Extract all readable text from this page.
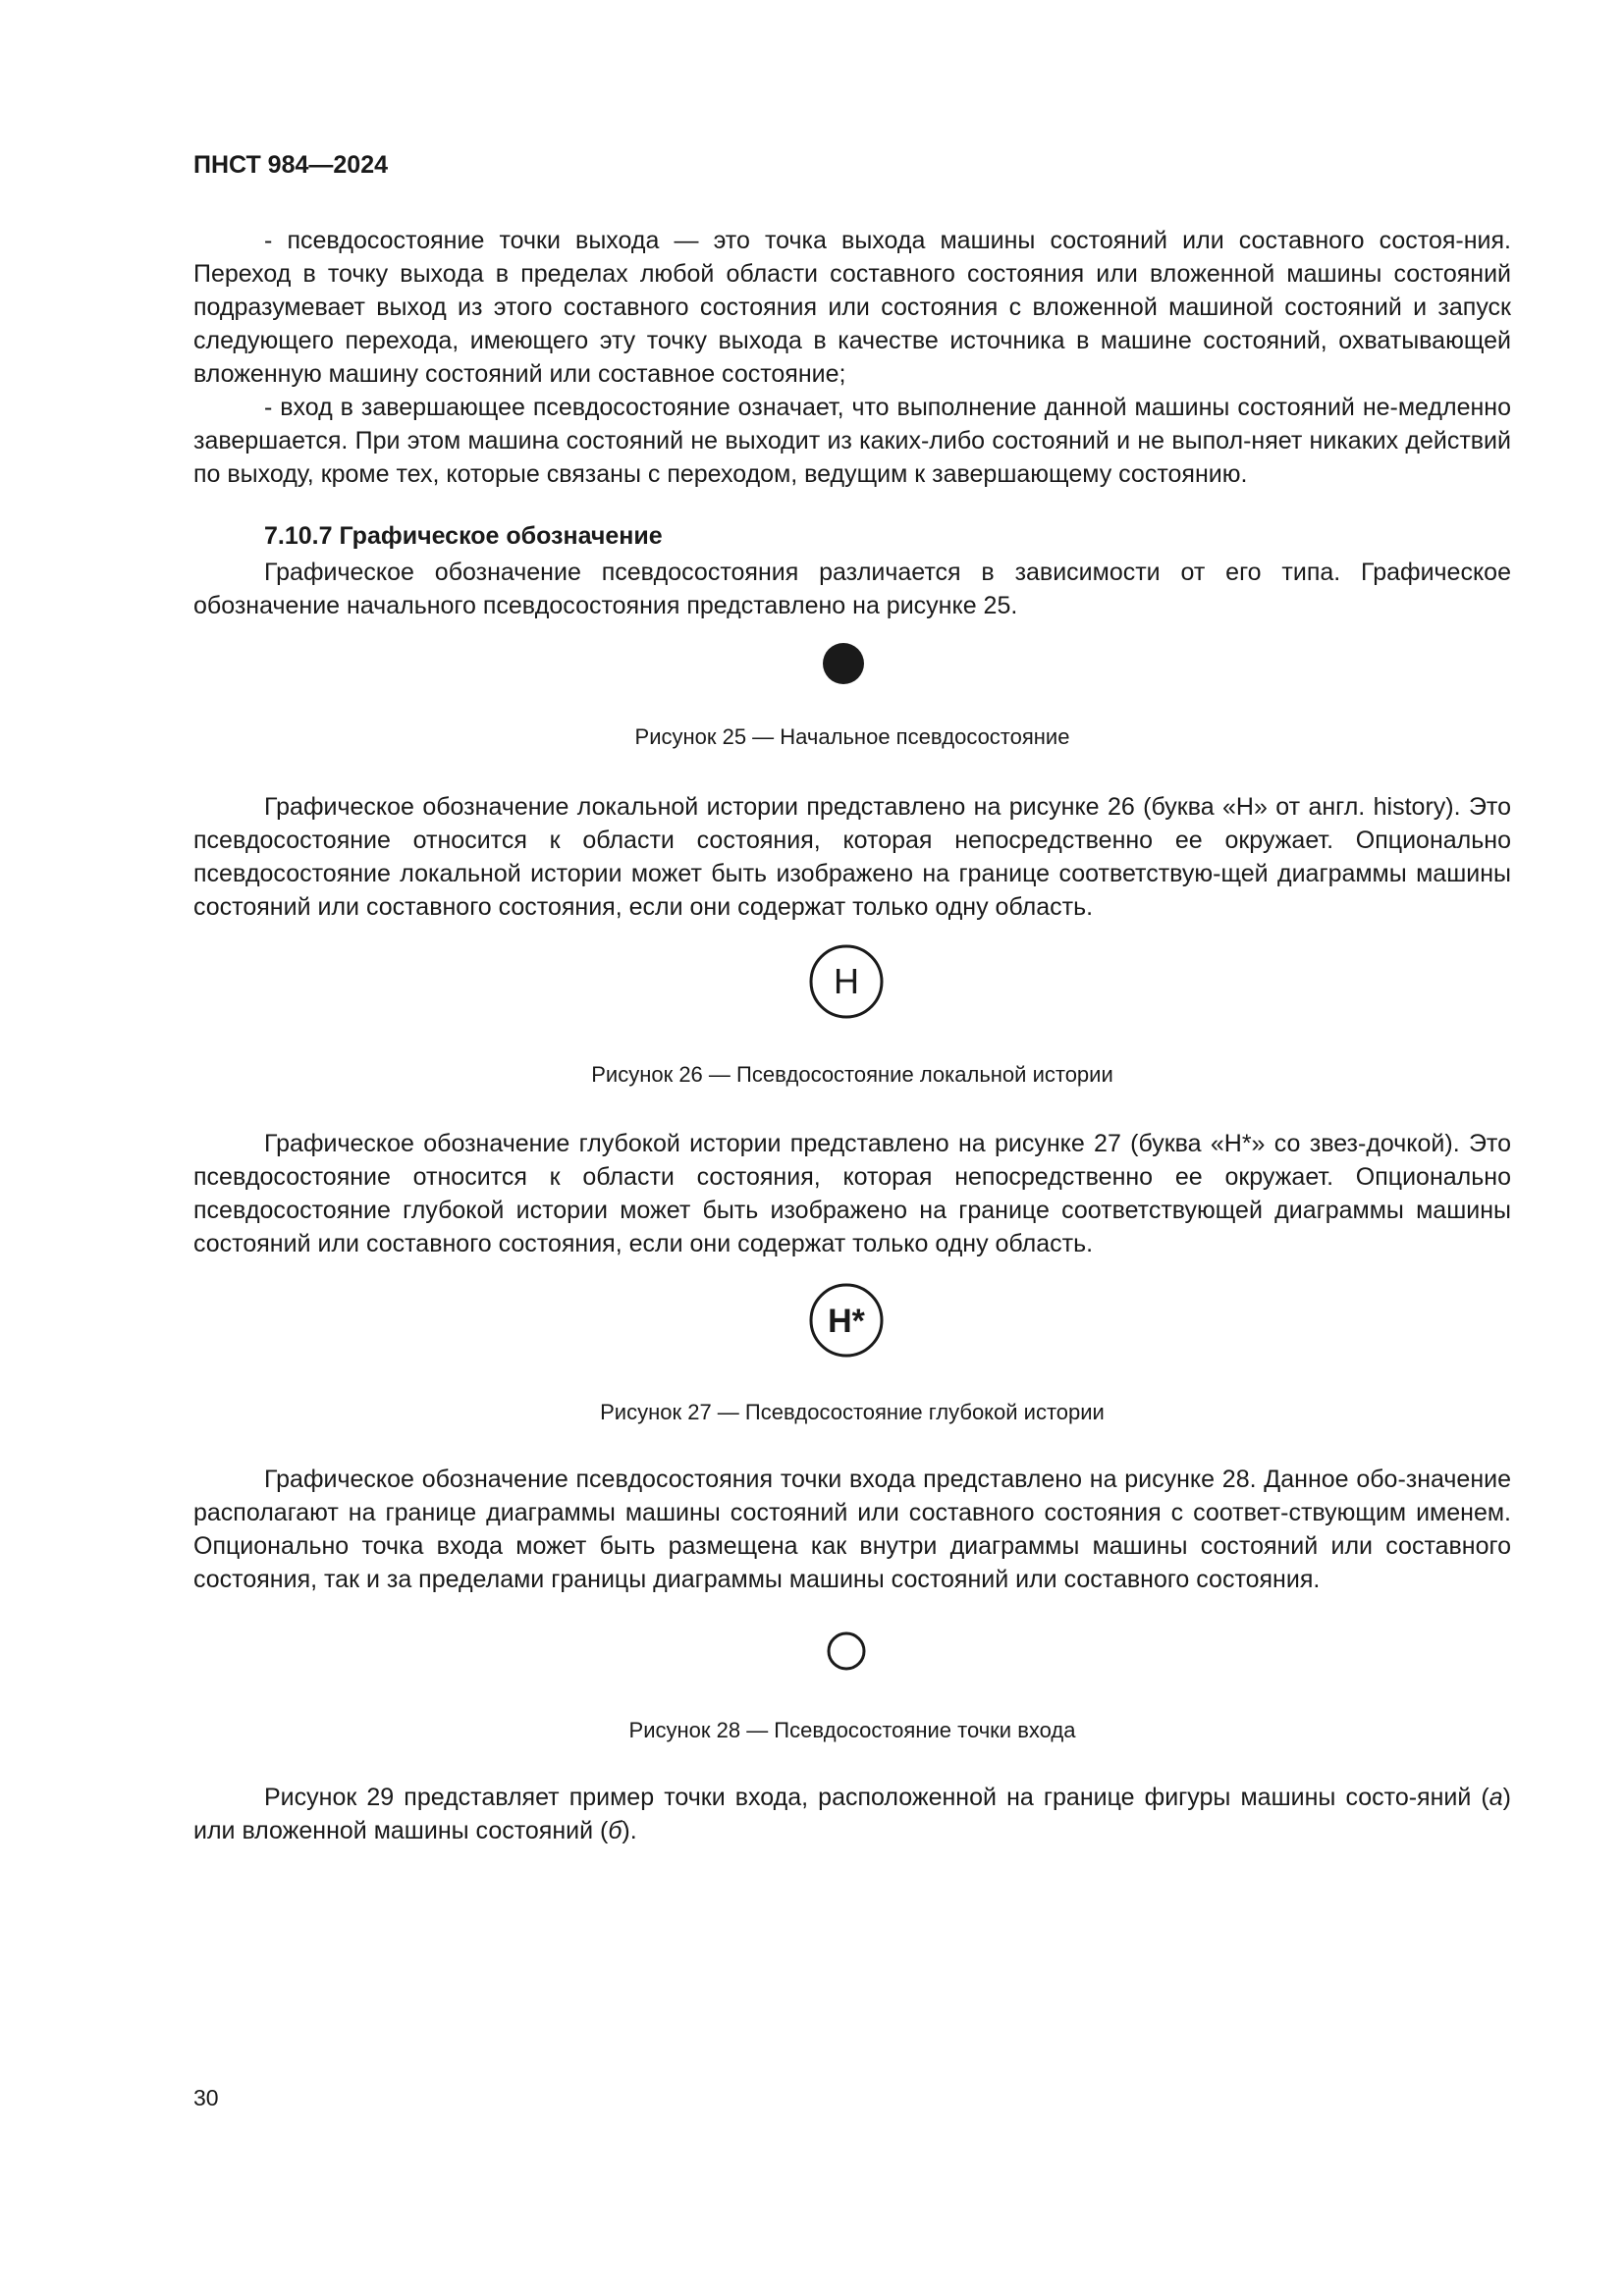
ПНСТ 984—2024

- псевдосостояние точки выхода — это точка выхода машины состояний или составного состоя-ния. Переход в точку выхода в пределах любой области составного состояния или вложенной машины состояний подразумевает выход из этого составного состояния или состояния с вложенной машиной состояний и запуск следующего перехода, имеющего эту точку выхода в качестве источника в машине состояний, охватывающей вложенную машину состояний или составное состояние;

- вход в завершающее псевдосостояние означает, что выполнение данной машины состояний не-медленно завершается. При этом машина состояний не выходит из каких-либо состояний и не выпол-няет никаких действий по выходу, кроме тех, которые связаны с переходом, ведущим к завершающему состоянию.

7.10.7 Графическое обозначение

Графическое обозначение псевдосостояния различается в зависимости от его типа. Графическое обозначение начального псевдосостояния представлено на рисунке 25.

Рисунок 25 — Начальное псевдосостояние

Графическое обозначение локальной истории представлено на рисунке 26 (буква «H» от англ. history). Это псевдосостояние относится к области состояния, которая непосредственно ее окружает. Опционально псевдосостояние локальной истории может быть изображено на границе соответствую-щей диаграммы машины состояний или составного состояния, если они содержат только одну область.

H

Рисунок 26 — Псевдосостояние локальной истории

Графическое обозначение глубокой истории представлено на рисунке 27 (буква «H*» со звез-дочкой). Это псевдосостояние относится к области состояния, которая непосредственно ее окружает. Опционально псевдосостояние глубокой истории может быть изображено на границе соответствующей диаграммы машины состояний или составного состояния, если они содержат только одну область.

H*

Рисунок 27 — Псевдосостояние глубокой истории

Графическое обозначение псевдосостояния точки входа представлено на рисунке 28. Данное обо-значение располагают на границе диаграммы машины состояний или составного состояния с соответ-ствующим именем. Опционально точка входа может быть размещена как внутри диаграммы машины состояний или составного состояния, так и за пределами границы диаграммы машины состояний или составного состояния.

Рисунок 28 — Псевдосостояние точки входа

Рисунок 29 представляет пример точки входа, расположенной на границе фигуры машины состо-яний (а) или вложенной машины состояний (б).

30
